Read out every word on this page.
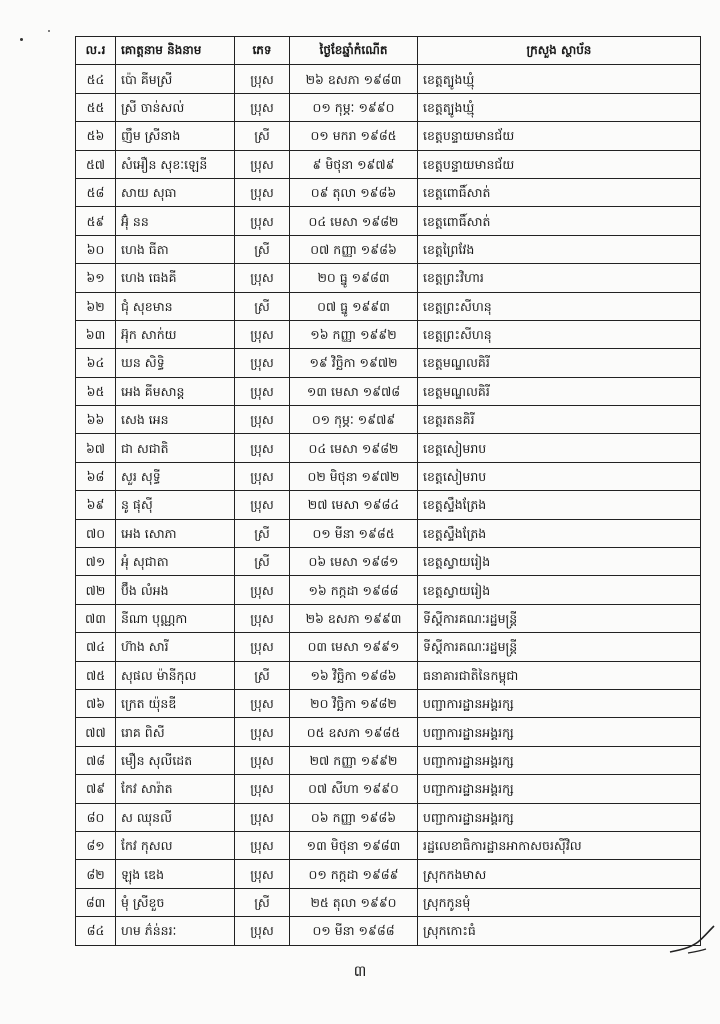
ល.រ	គោត្តនាម និងនាម	ភេទ	ថ្ងៃខែឆ្នាំកំណើត	ក្រសួង ស្ថាប័ន
៥៤	ប៉ោ គីមស្រី	ប្រុស	២៦ ឧសភា ១៩៨៣	ខេត្តត្បូងឃ្មុំ
៥៥	ស្រី ចាន់សល់	ប្រុស	០១ កុម្ភៈ ១៩៩០	ខេត្តត្បូងឃ្មុំ
៥៦	ញឹម ស្រីនាង	ស្រី	០១ មករា ១៩៨៥	ខេត្តបន្ទាយមានជ័យ
៥៧	សំអឿន សុខៈឡេនី	ប្រុស	៩ មិថុនា ១៩៧៩	ខេត្តបន្ទាយមានជ័យ
៥៨	សាយ សុធា	ប្រុស	០៩ តុលា ១៩៨៦	ខេត្តពោធិ៍សាត់
៥៩	អ៊ុំ នន	ប្រុស	០៤ មេសា ១៩៨២	ខេត្តពោធិ៍សាត់
៦០	ហេង ធីតា	ស្រី	០៧ កញ្ញា ១៩៨៦	ខេត្តព្រៃវែង
៦១	ហេង ធេងគី	ប្រុស	២០ ធ្នូ ១៩៨៣	ខេត្តព្រះវិហារ
៦២	ជុំ សុខមាន	ស្រី	០៧ ធ្នូ ១៩៩៣	ខេត្តព្រះសីហនុ
៦៣	អ៊ុក សាក់យ	ប្រុស	១៦ កញ្ញា ១៩៩២	ខេត្តព្រះសីហនុ
៦៤	ឃន សិទ្ធិ	ប្រុស	១៩ វិច្ឆិកា ១៩៧២	ខេត្តមណ្ឌលគិរី
៦៥	អេង គីមសាន្ត	ប្រុស	១៣ មេសា ១៩៧៨	ខេត្តមណ្ឌលគិរី
៦៦	សេង អេន	ប្រុស	០១ កុម្ភៈ ១៩៧៩	ខេត្តរតនគិរី
៦៧	ជា សជាតិ	ប្រុស	០៤ មេសា ១៩៨២	ខេត្តសៀមរាប
៦៨	សួរ សុទ្ធី	ប្រុស	០២ មិថុនា ១៩៧២	ខេត្តសៀមរាប
៦៩	នូ ផុស៊ី	ប្រុស	២៧ មេសា ១៩៨៤	ខេត្តស្ទឹងត្រែង
៧០	អេង សោភា	ស្រី	០១ មីនា ១៩៨៥	ខេត្តស្ទឹងត្រែង
៧១	អ៉ំ សុជាតា	ស្រី	០៦ មេសា ១៩៨១	ខេត្តស្វាយរៀង
៧២	ប៊ឹង លំអង	ប្រុស	១៦ កក្កដា ១៩៨៨	ខេត្តស្វាយរៀង
៧៣	នីណា បុណ្ណកា	ប្រុស	២៦ ឧសភា ១៩៩៣	ទីស្តីការគណៈរដ្ឋមន្ត្រី
៧៤	ហ៊ាង សារី	ប្រុស	០៣ មេសា ១៩៩១	ទីស្តីការគណៈរដ្ឋមន្ត្រី
៧៥	សុផល ម៉ានីកុល	ស្រី	១៦ វិច្ឆិកា ១៩៨៦	ធនាគារជាតិនៃកម្ពុជា
៧៦	ក្រេត យ៉ុនឌី	ប្រុស	២០ វិច្ឆិកា ១៩៨២	បញ្ជាការដ្ឋានអង្គរក្ស
៧៧	រោគ ពិសី	ប្រុស	០៥ ឧសភា ១៩៨៥	បញ្ជាការដ្ឋានអង្គរក្ស
៧៨	មឿន សុលីដេត	ប្រុស	២៧ កញ្ញា ១៩៩២	បញ្ជាការដ្ឋានអង្គរក្ស
៧៩	កែវ សារ៉ាត	ប្រុស	០៧ សីហា ១៩៩០	បញ្ជាការដ្ឋានអង្គរក្ស
៨០	ស ឈុនលី	ប្រុស	០៦ កញ្ញា ១៩៨៦	បញ្ជាការដ្ឋានអង្គរក្ស
៨១	កែវ កុសល	ប្រុស	១៣ មិថុនា ១៩៨៣	រដ្ឋលេខាធិការដ្ឋានអាកាសចរស៊ីវិល
៨២	ឡុង ឌេង	ប្រុស	០១ កក្កដា ១៩៨៩	ស្រុកកងមាស
៨៣	មុំ ស្រីខួច	ស្រី	២៥ តុលា ១៩៩០	ស្រុកកូនមុំ
៨៤	ហម ភ៌ន់នរៈ	ប្រុស	០១ មីនា ១៩៨៨	ស្រុកកោះធំ
៣
